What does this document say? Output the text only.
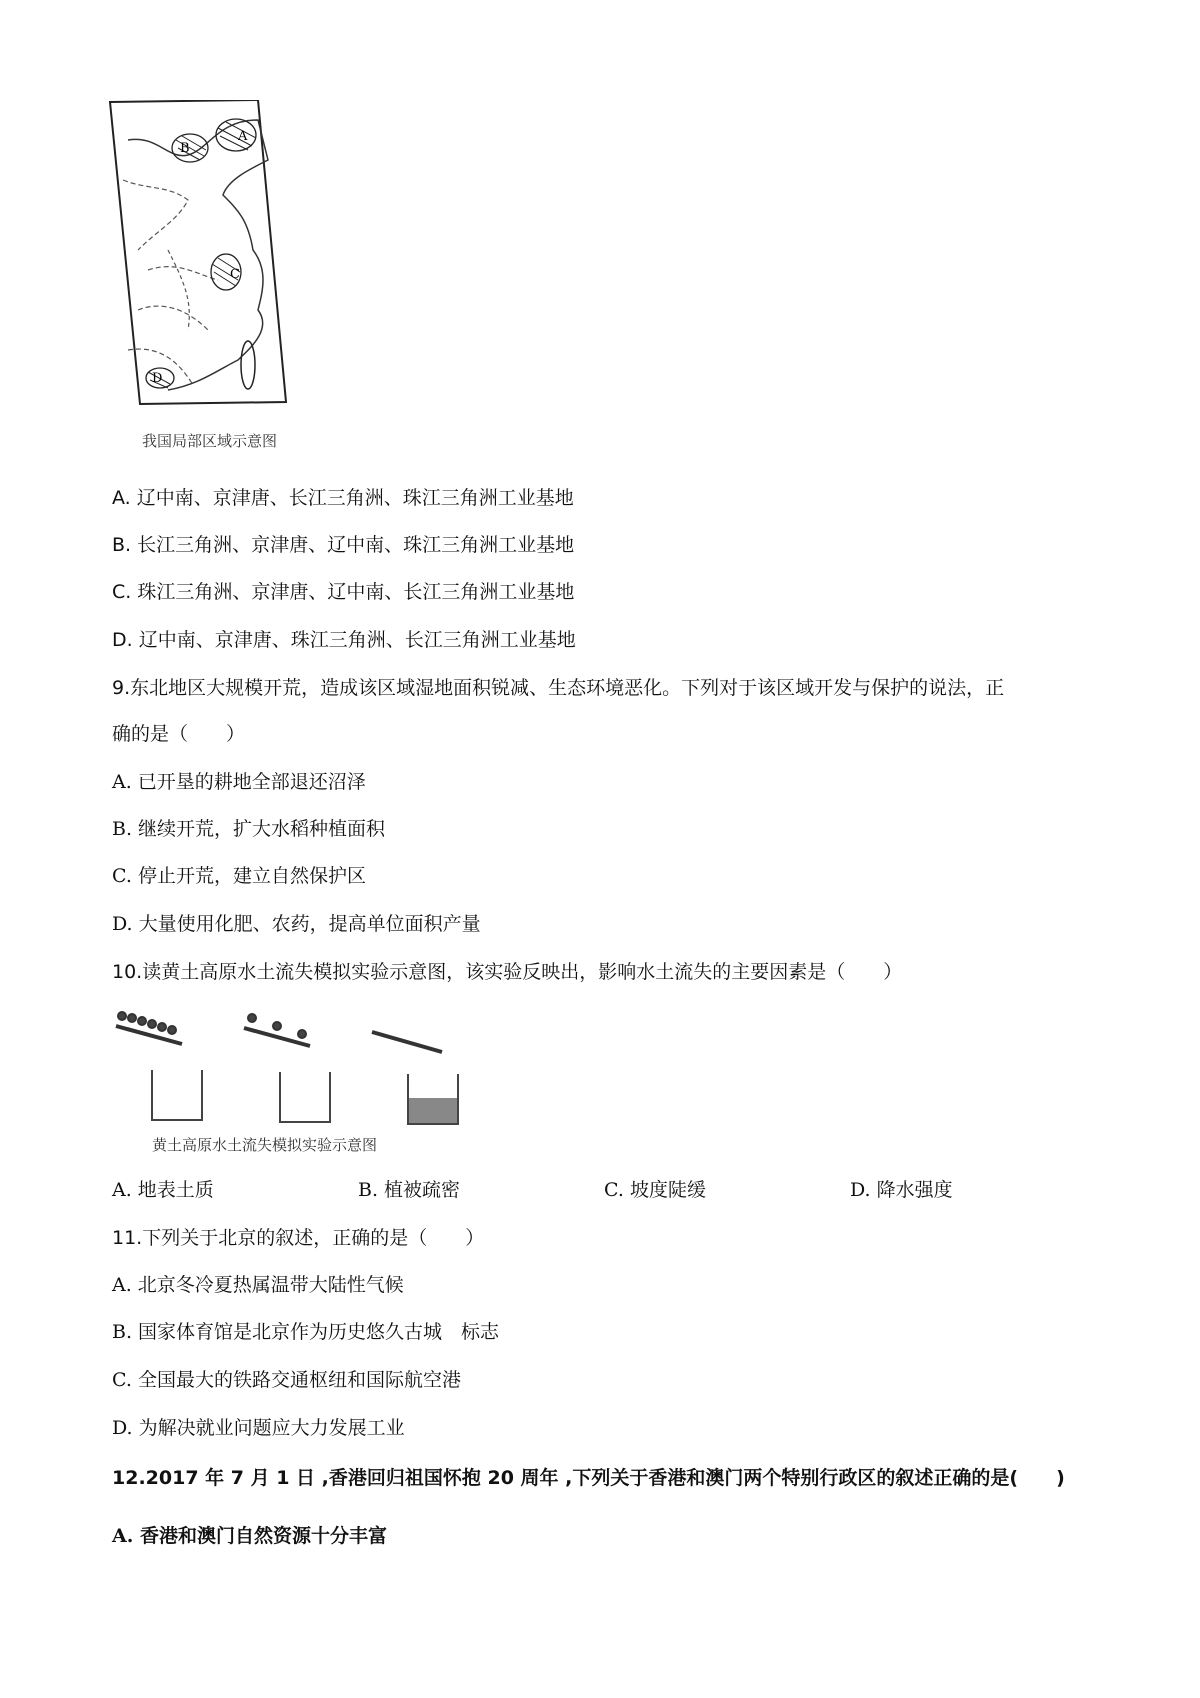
A
B
C
D
我国局部区域示意图
A. 辽中南、京津唐、长江三角洲、珠江三角洲工业基地
B. 长江三角洲、京津唐、辽中南、珠江三角洲工业基地
C. 珠江三角洲、京津唐、辽中南、长江三角洲工业基地
D. 辽中南、京津唐、珠江三角洲、长江三角洲工业基地
9.东北地区大规模开荒，造成该区域湿地面积锐减、生态环境恶化。下列对于该区域开发与保护的说法，正
确的是（　　）
A. 已开垦的耕地全部退还沼泽
B. 继续开荒，扩大水稻种植面积
C. 停止开荒，建立自然保护区
D. 大量使用化肥、农药，提高单位面积产量
10.读黄土高原水土流失模拟实验示意图，该实验反映出，影响水土流失的主要因素是（　　）
黄土高原水土流失模拟实验示意图
A. 地表土质	B. 植被疏密	C. 坡度陡缓	D. 降水强度
11.下列关于北京的叙述，正确的是（　　）
A. 北京冬冷夏热属温带大陆性气候
B. 国家体育馆是北京作为历史悠久古城　标志
C. 全国最大的铁路交通枢纽和国际航空港
D. 为解决就业问题应大力发展工业
12.2017 年 7 月 1 日 ,香港回归祖国怀抱 20 周年 ,下列关于香港和澳门两个特别行政区的叙述正确的是(　　)
A. 香港和澳门自然资源十分丰富
